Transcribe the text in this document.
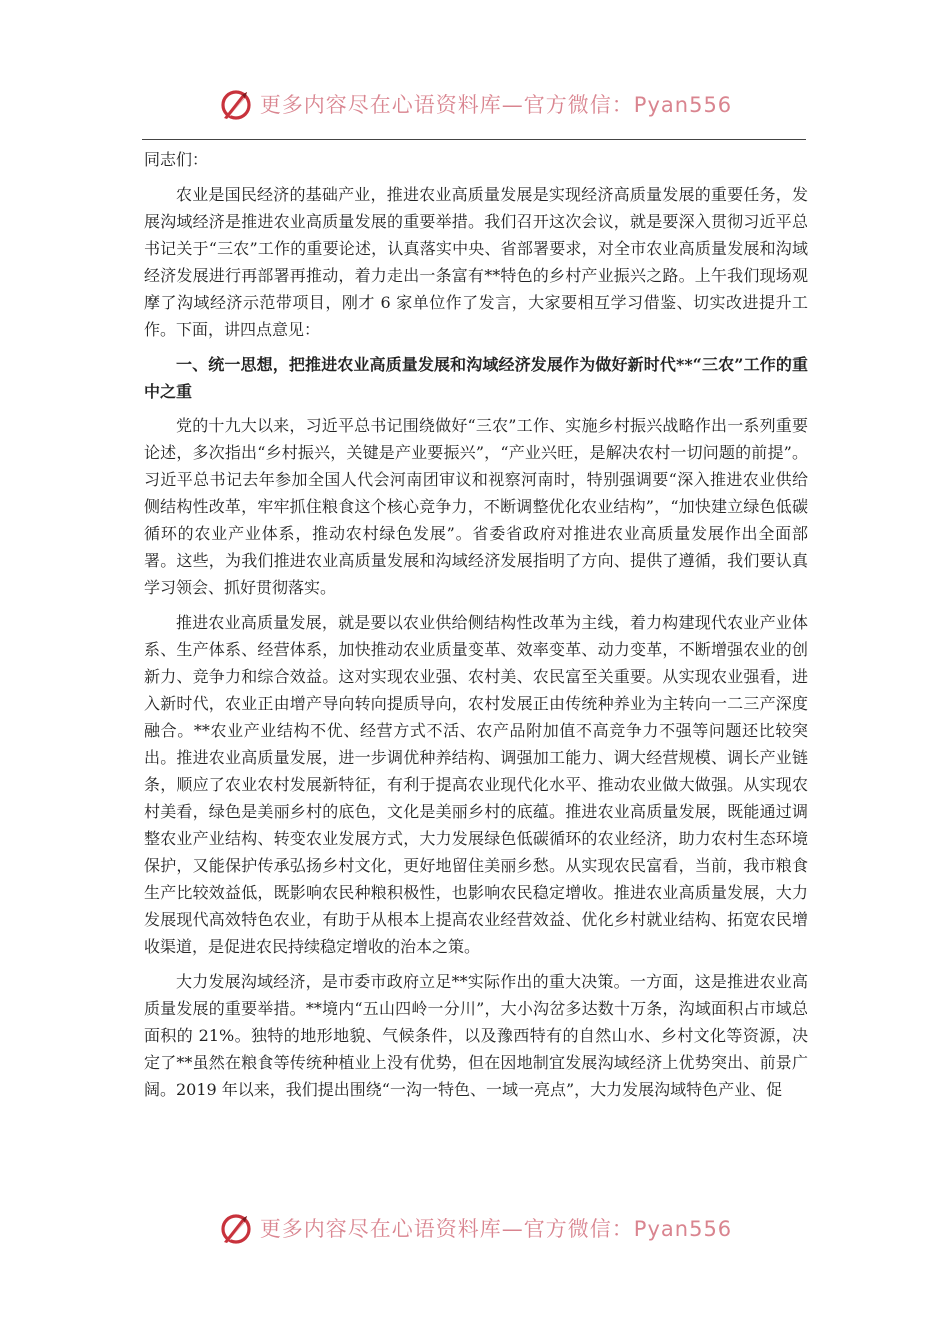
更多内容尽在心语资料库—官方微信：Pyan556

同志们：

农业是国民经济的基础产业，推进农业高质量发展是实现经济高质量发展的重要任务，发展沟域经济是推进农业高质量发展的重要举措。我们召开这次会议，就是要深入贯彻习近平总书记关于“三农”工作的重要论述，认真落实中央、省部署要求，对全市农业高质量发展和沟域经济发展进行再部署再推动，着力走出一条富有**特色的乡村产业振兴之路。上午我们现场观摩了沟域经济示范带项目，刚才 6 家单位作了发言，大家要相互学习借鉴、切实改进提升工作。下面，讲四点意见：

一、统一思想，把推进农业高质量发展和沟域经济发展作为做好新时代**“三农”工作的重中之重

党的十九大以来，习近平总书记围绕做好“三农”工作、实施乡村振兴战略作出一系列重要论述，多次指出“乡村振兴，关键是产业要振兴”，“产业兴旺，是解决农村一切问题的前提”。习近平总书记去年参加全国人代会河南团审议和视察河南时，特别强调要“深入推进农业供给侧结构性改革，牢牢抓住粮食这个核心竞争力，不断调整优化农业结构”，“加快建立绿色低碳循环的农业产业体系，推动农村绿色发展”。省委省政府对推进农业高质量发展作出全面部署。这些，为我们推进农业高质量发展和沟域经济发展指明了方向、提供了遵循，我们要认真学习领会、抓好贯彻落实。

推进农业高质量发展，就是要以农业供给侧结构性改革为主线，着力构建现代农业产业体系、生产体系、经营体系，加快推动农业质量变革、效率变革、动力变革，不断增强农业的创新力、竞争力和综合效益。这对实现农业强、农村美、农民富至关重要。从实现农业强看，进入新时代，农业正由增产导向转向提质导向，农村发展正由传统种养业为主转向一二三产深度融合。**农业产业结构不优、经营方式不活、农产品附加值不高竞争力不强等问题还比较突出。推进农业高质量发展，进一步调优种养结构、调强加工能力、调大经营规模、调长产业链条，顺应了农业农村发展新特征，有利于提高农业现代化水平、推动农业做大做强。从实现农村美看，绿色是美丽乡村的底色，文化是美丽乡村的底蕴。推进农业高质量发展，既能通过调整农业产业结构、转变农业发展方式，大力发展绿色低碳循环的农业经济，助力农村生态环境保护，又能保护传承弘扬乡村文化，更好地留住美丽乡愁。从实现农民富看，当前，我市粮食生产比较效益低，既影响农民种粮积极性，也影响农民稳定增收。推进农业高质量发展，大力发展现代高效特色农业，有助于从根本上提高农业经营效益、优化乡村就业结构、拓宽农民增收渠道，是促进农民持续稳定增收的治本之策。

大力发展沟域经济，是市委市政府立足**实际作出的重大决策。一方面，这是推进农业高质量发展的重要举措。**境内“五山四岭一分川”，大小沟岔多达数十万条，沟域面积占市域总面积的 21%。独特的地形地貌、气候条件，以及豫西特有的自然山水、乡村文化等资源，决定了**虽然在粮食等传统种植业上没有优势，但在因地制宜发展沟域经济上优势突出、前景广阔。2019 年以来，我们提出围绕“一沟一特色、一域一亮点”，大力发展沟域特色产业、促

更多内容尽在心语资料库—官方微信：Pyan556
